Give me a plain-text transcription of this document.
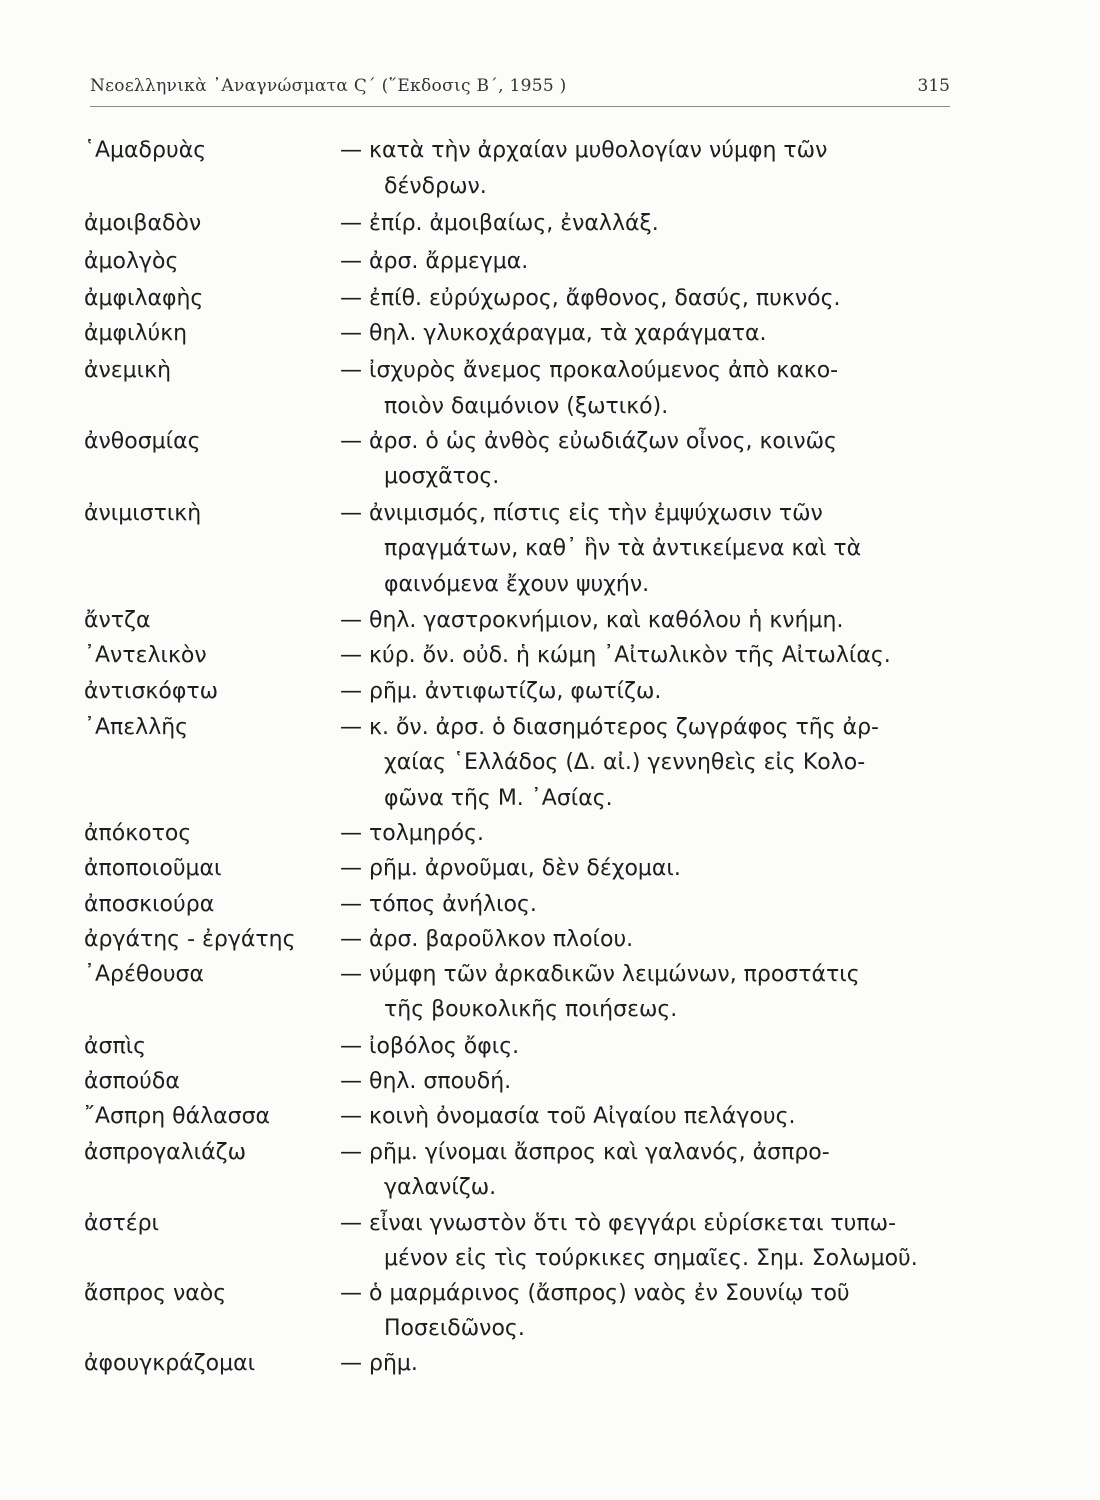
Νεοελληνικὰ ᾿Αναγνώσματα Ϛ΄ (῞Εκδοσις Β΄, 1955 )	315
῾Αμαδρυὰς	— κατὰ τὴν ἀρχαίαν μυθολογίαν νύμφη τῶν
δένδρων.
ἀμοιβαδὸν	— ἐπίρ. ἀμοιβαίως, ἐναλλάξ.
ἀμολγὸς	— ἀρσ. ἄρμεγμα.
ἀμφιλαφὴς	— ἐπίθ. εὐρύχωρος, ἄφθονος, δασύς, πυκνός.
ἀμφιλύκη	— θηλ. γλυκοχάραγμα, τὰ χαράγματα.
ἀνεμικὴ	— ἰσχυρὸς ἄνεμος προκαλούμενος ἀπὸ κακο-
ποιὸν δαιμόνιον (ξωτικό).
ἀνθοσμίας	— ἀρσ. ὁ ὡς ἀνθὸς εὐωδιάζων οἶνος, κοινῶς
μοσχᾶτος.
ἀνιμιστικὴ	— ἀνιμισμός, πίστις εἰς τὴν ἐμψύχωσιν τῶν
πραγμάτων, καθ᾿ ἣν τὰ ἀντικείμενα καὶ τὰ
φαινόμενα ἔχουν ψυχήν.
ἄντζα	— θηλ. γαστροκνήμιον, καὶ καθόλου ἡ κνήμη.
᾿Αντελικὸν	— κύρ. ὄν. οὐδ. ἡ κώμη ᾿Αἰτωλικὸν τῆς Αἰτωλίας.
ἀντισκόφτω	— ρῆμ. ἀντιφωτίζω, φωτίζω.
᾿Απελλῆς	— κ. ὄν. ἀρσ. ὁ διασημότερος ζωγράφος τῆς ἀρ-
χαίας ῾Ελλάδος (Δ. αἰ.) γεννηθεὶς εἰς Κολο-
φῶνα τῆς Μ. ᾿Ασίας.
ἀπόκοτος	— τολμηρός.
ἀποποιοῦμαι	— ρῆμ. ἀρνοῦμαι, δὲν δέχομαι.
ἀποσκιούρα	— τόπος ἀνήλιος.
ἀργάτης - ἐργάτης — ἀρσ. βαροῦλκον πλοίου.
᾿Αρέθουσα	— νύμφη τῶν ἀρκαδικῶν λειμώνων, προστάτις
τῆς βουκολικῆς ποιήσεως.
ἀσπὶς	— ἰοβόλος ὄφις.
ἀσπούδα	— θηλ. σπουδή.
῎Ασπρη θάλασσα	— κοινὴ ὀνομασία τοῦ Αἰγαίου πελάγους.
ἀσπρογαλιάζω	— ρῆμ. γίνομαι ἄσπρος καὶ γαλανός, ἀσπρο-
γαλανίζω.
ἀστέρι	— εἶναι γνωστὸν ὅτι τὸ φεγγάρι εὑρίσκεται τυπω-
μένον εἰς τὶς τούρκικες σημαῖες. Σημ. Σολωμοῦ.
ἄσπρος ναὸς	— ὁ μαρμάρινος (ἄσπρος) ναὸς ἐν Σουνίῳ τοῦ
Ποσειδῶνος.
ἀφουγκράζομαι	— ρῆμ.
